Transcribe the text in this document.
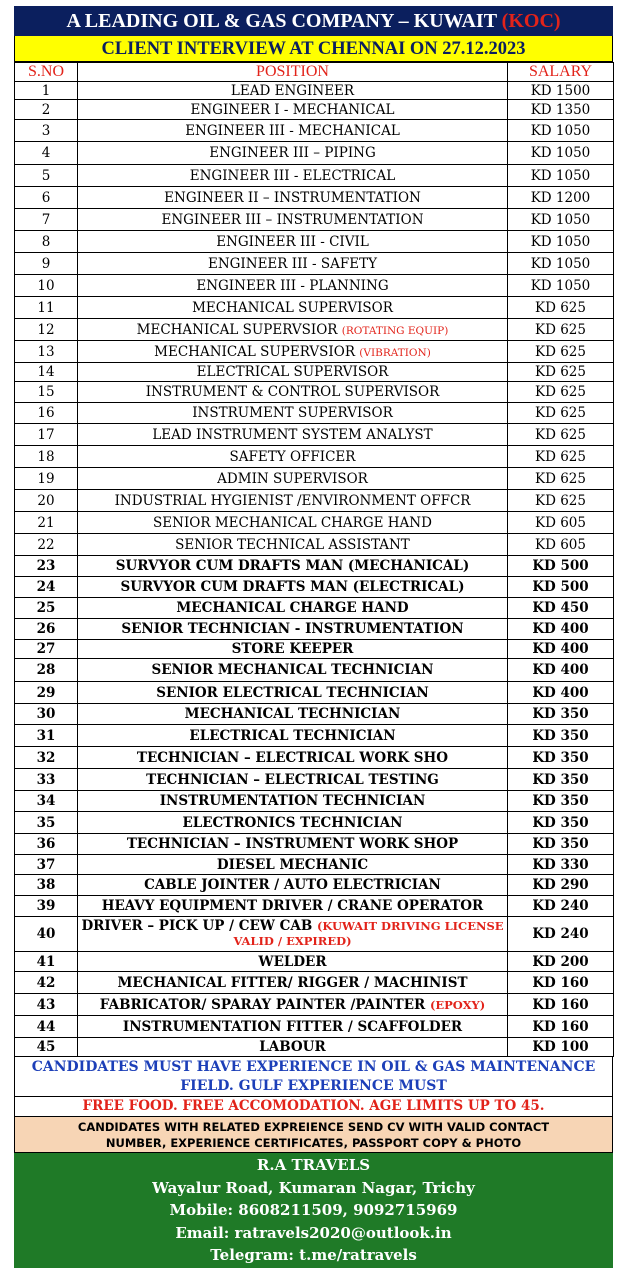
A LEADING OIL & GAS COMPANY – KUWAIT (KOC)
CLIENT INTERVIEW AT CHENNAI ON 27.12.2023
S.NO	POSITION	SALARY
1	LEAD ENGINEER	KD 1500
2	ENGINEER I - MECHANICAL	KD 1350
3	ENGINEER III - MECHANICAL	KD 1050
4	ENGINEER III – PIPING	KD 1050
5	ENGINEER III - ELECTRICAL	KD 1050
6	ENGINEER II – INSTRUMENTATION	KD 1200
7	ENGINEER III – INSTRUMENTATION	KD 1050
8	ENGINEER III - CIVIL	KD 1050
9	ENGINEER III - SAFETY	KD 1050
10	ENGINEER III - PLANNING	KD 1050
11	MECHANICAL SUPERVISOR	KD 625
12	MECHANICAL SUPERVSIOR (ROTATING EQUIP)	KD 625
13	MECHANICAL SUPERVSIOR (VIBRATION)	KD 625
14	ELECTRICAL SUPERVISOR	KD 625
15	INSTRUMENT & CONTROL SUPERVISOR	KD 625
16	INSTRUMENT SUPERVISOR	KD 625
17	LEAD INSTRUMENT SYSTEM ANALYST	KD 625
18	SAFETY OFFICER	KD 625
19	ADMIN SUPERVISOR	KD 625
20	INDUSTRIAL HYGIENIST /ENVIRONMENT OFFCR	KD 625
21	SENIOR MECHANICAL CHARGE HAND	KD 605
22	SENIOR TECHNICAL ASSISTANT	KD 605
23	SURVYOR CUM DRAFTS MAN (MECHANICAL)	KD 500
24	SURVYOR CUM DRAFTS MAN (ELECTRICAL)	KD 500
25	MECHANICAL CHARGE HAND	KD 450
26	SENIOR TECHNICIAN - INSTRUMENTATION	KD 400
27	STORE KEEPER	KD 400
28	SENIOR MECHANICAL TECHNICIAN	KD 400
29	SENIOR ELECTRICAL TECHNICIAN	KD 400
30	MECHANICAL TECHNICIAN	KD 350
31	ELECTRICAL TECHNICIAN	KD 350
32	TECHNICIAN – ELECTRICAL WORK SHO	KD 350
33	TECHNICIAN – ELECTRICAL TESTING	KD 350
34	INSTRUMENTATION TECHNICIAN	KD 350
35	ELECTRONICS TECHNICIAN	KD 350
36	TECHNICIAN – INSTRUMENT WORK SHOP	KD 350
37	DIESEL MECHANIC	KD 330
38	CABLE JOINTER / AUTO ELECTRICIAN	KD 290
39	HEAVY EQUIPMENT DRIVER / CRANE OPERATOR	KD 240
40	DRIVER – PICK UP / CEW CAB (KUWAIT DRIVING LICENSE VALID / EXPIRED)	KD 240
41	WELDER	KD 200
42	MECHANICAL FITTER/ RIGGER / MACHINIST	KD 160
43	FABRICATOR/ SPARAY PAINTER /PAINTER (EPOXY)	KD 160
44	INSTRUMENTATION FITTER / SCAFFOLDER	KD 160
45	LABOUR	KD 100
CANDIDATES MUST HAVE EXPERIENCE IN OIL & GAS MAINTENANCE
FIELD. GULF EXPERIENCE MUST
FREE FOOD. FREE ACCOMODATION. AGE LIMITS UP TO 45.
CANDIDATES WITH RELATED EXPREIENCE SEND CV WITH VALID CONTACT
NUMBER, EXPERIENCE CERTIFICATES, PASSPORT COPY & PHOTO
R.A TRAVELS
Wayalur Road, Kumaran Nagar, Trichy
Mobile: 8608211509, 9092715969
Email: ratravels2020@outlook.in
Telegram: t.me/ratravels
